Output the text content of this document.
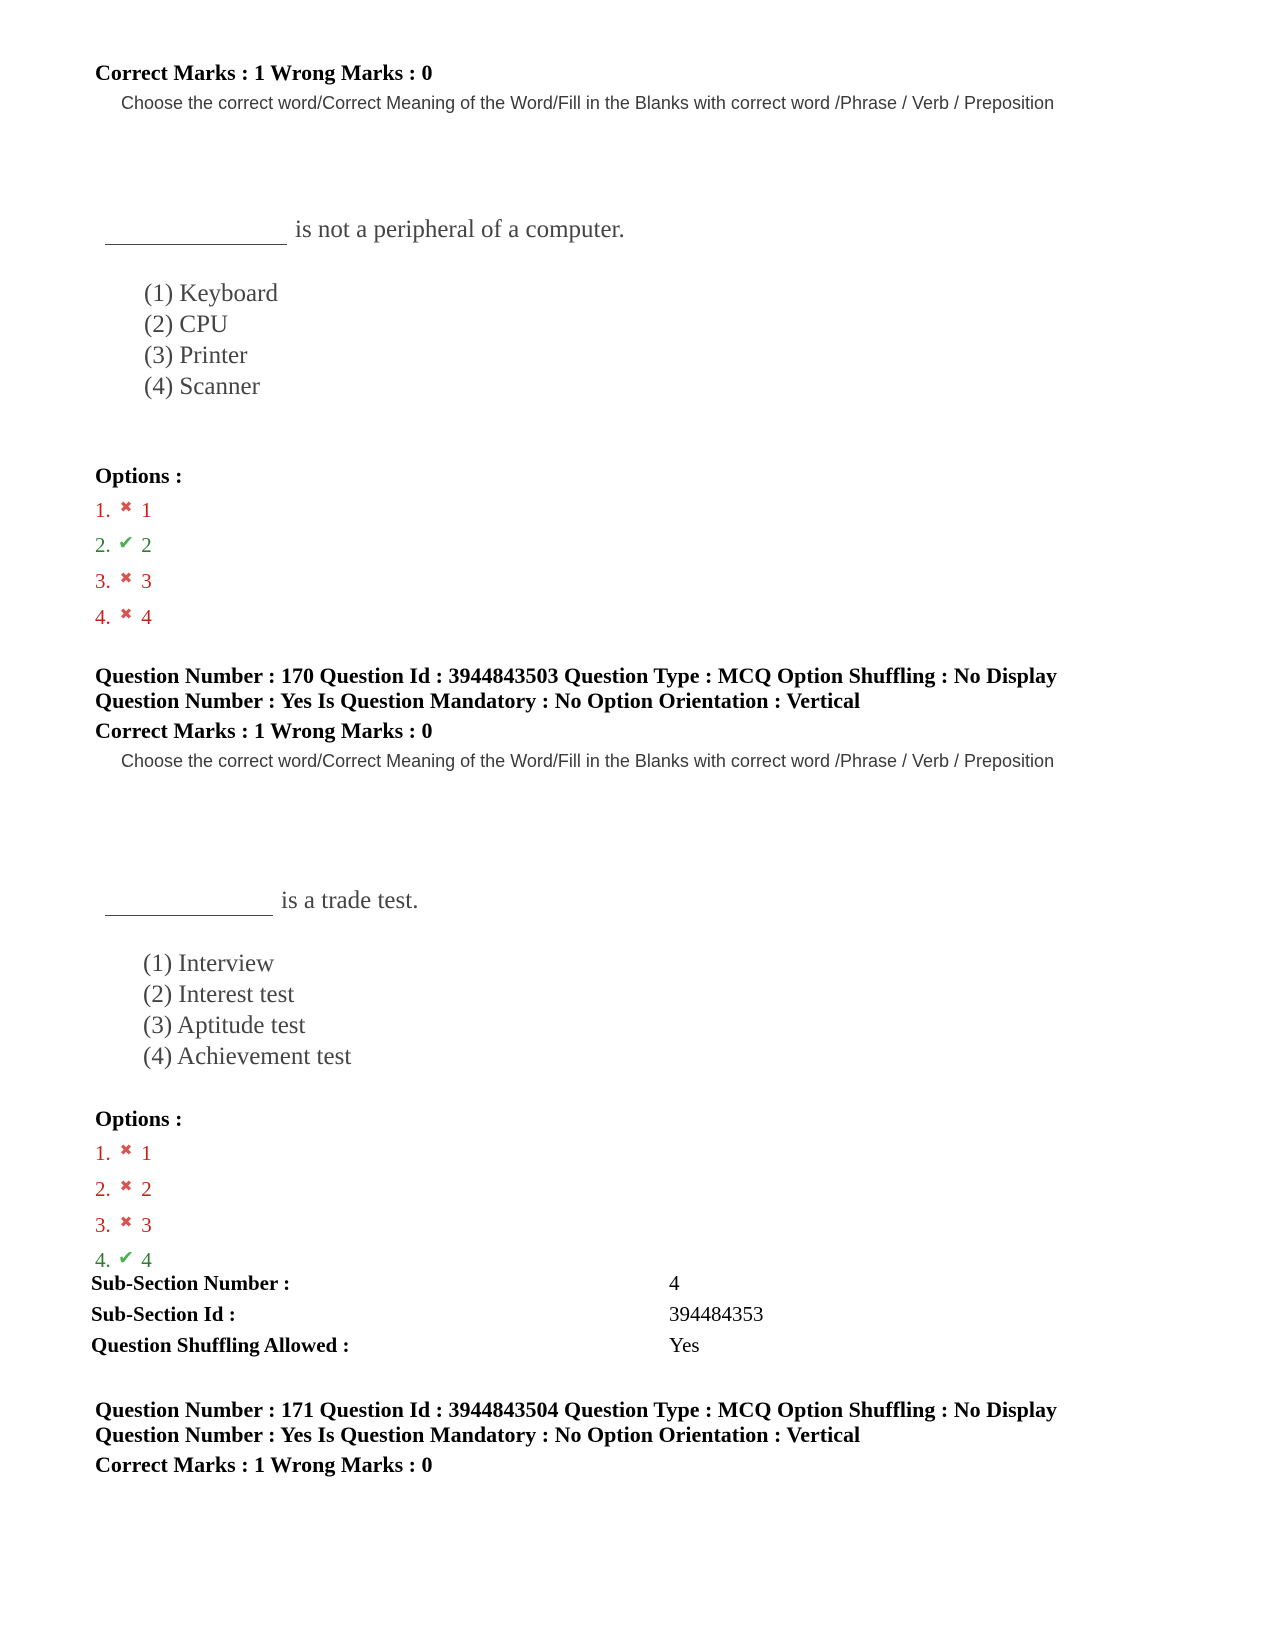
Correct Marks : 1 Wrong Marks : 0
Choose the correct word/Correct Meaning of the Word/Fill in the Blanks with correct word /Phrase / Verb / Preposition
is not a peripheral of a computer.
(1) Keyboard
(2) CPU
(3) Printer
(4) Scanner
Options :
1. ✖ 1
2. ✔ 2
3. ✖ 3
4. ✖ 4
Question Number : 170 Question Id : 3944843503 Question Type : MCQ Option Shuffling : No Display
Question Number : Yes Is Question Mandatory : No Option Orientation : Vertical
Correct Marks : 1 Wrong Marks : 0
Choose the correct word/Correct Meaning of the Word/Fill in the Blanks with correct word /Phrase / Verb / Preposition
is a trade test.
(1) Interview
(2) Interest test
(3) Aptitude test
(4) Achievement test
Options :
1. ✖ 1
2. ✖ 2
3. ✖ 3
4. ✔ 4
Sub-Section Number :	4
Sub-Section Id :	394484353
Question Shuffling Allowed :	Yes
Question Number : 171 Question Id : 3944843504 Question Type : MCQ Option Shuffling : No Display
Question Number : Yes Is Question Mandatory : No Option Orientation : Vertical
Correct Marks : 1 Wrong Marks : 0
